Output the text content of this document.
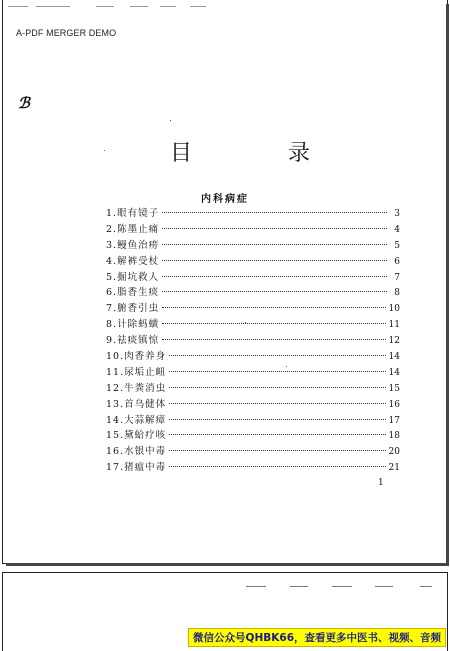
A-PDF MERGER DEMO
ℬ
目	录
内科病症
1.眼有镜子	3
2.陈墨止痛	4
3.鳗鱼治痨	5
4.解裤受杖	6
5.掘坑救人	7
6.脂香生痰	8
7.腑香引虫	10
8.计除蚂蟥	11
9.祛痰镇惊	12
10.肉香养身	14
11.尿垢止衄	14
12.牛粪消虫	15
13.首乌健体	16
14.大蒜解瘴	17
15.黛蛤疗咳	18
16.水银中毒	20
17.猪瘟中毒	21
1
微信公众号QHBK66，查看更多中医书、视频、音频
